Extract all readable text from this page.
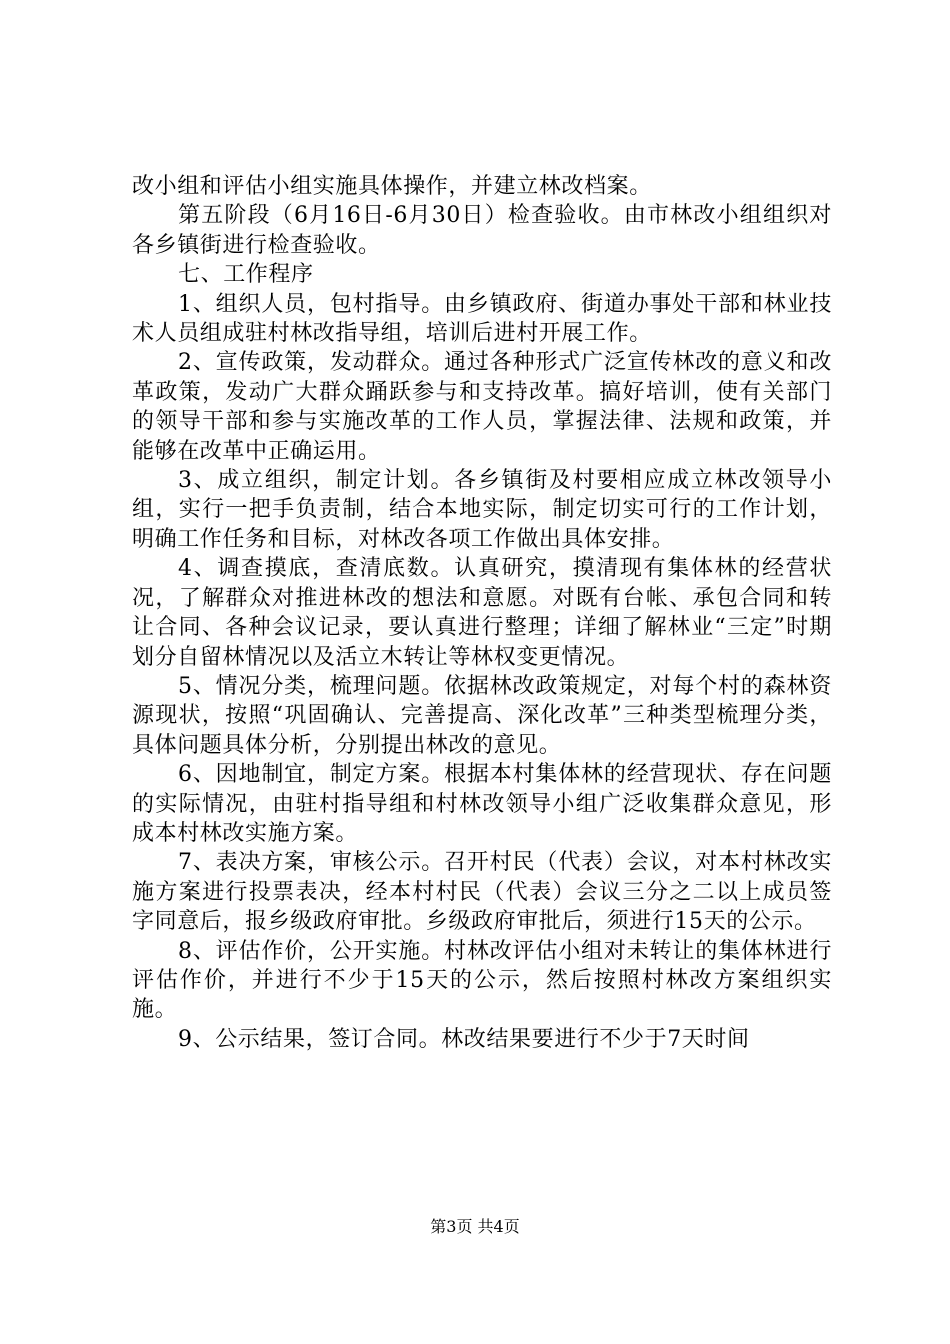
改小组和评估小组实施具体操作，并建立林改档案。

第五阶段（6月16日-6月30日）检查验收。由市林改小组组织对各乡镇街进行检查验收。

七、工作程序

1、组织人员，包村指导。由乡镇政府、街道办事处干部和林业技术人员组成驻村林改指导组，培训后进村开展工作。

2、宣传政策，发动群众。通过各种形式广泛宣传林改的意义和改革政策，发动广大群众踊跃参与和支持改革。搞好培训，使有关部门的领导干部和参与实施改革的工作人员，掌握法律、法规和政策，并能够在改革中正确运用。

3、成立组织，制定计划。各乡镇街及村要相应成立林改领导小组，实行一把手负责制，结合本地实际，制定切实可行的工作计划，明确工作任务和目标，对林改各项工作做出具体安排。

4、调查摸底，查清底数。认真研究，摸清现有集体林的经营状况，了解群众对推进林改的想法和意愿。对既有台帐、承包合同和转让合同、各种会议记录，要认真进行整理；详细了解林业“三定”时期划分自留林情况以及活立木转让等林权变更情况。

5、情况分类，梳理问题。依据林改政策规定，对每个村的森林资源现状，按照“巩固确认、完善提高、深化改革”三种类型梳理分类，具体问题具体分析，分别提出林改的意见。

6、因地制宜，制定方案。根据本村集体林的经营现状、存在问题的实际情况，由驻村指导组和村林改领导小组广泛收集群众意见，形成本村林改实施方案。

7、表决方案，审核公示。召开村民（代表）会议，对本村林改实施方案进行投票表决，经本村村民（代表）会议三分之二以上成员签字同意后，报乡级政府审批。乡级政府审批后，须进行15天的公示。

8、评估作价，公开实施。村林改评估小组对未转让的集体林进行评估作价，并进行不少于15天的公示，然后按照村林改方案组织实施。

9、公示结果，签订合同。林改结果要进行不少于7天时间

第3页 共4页
